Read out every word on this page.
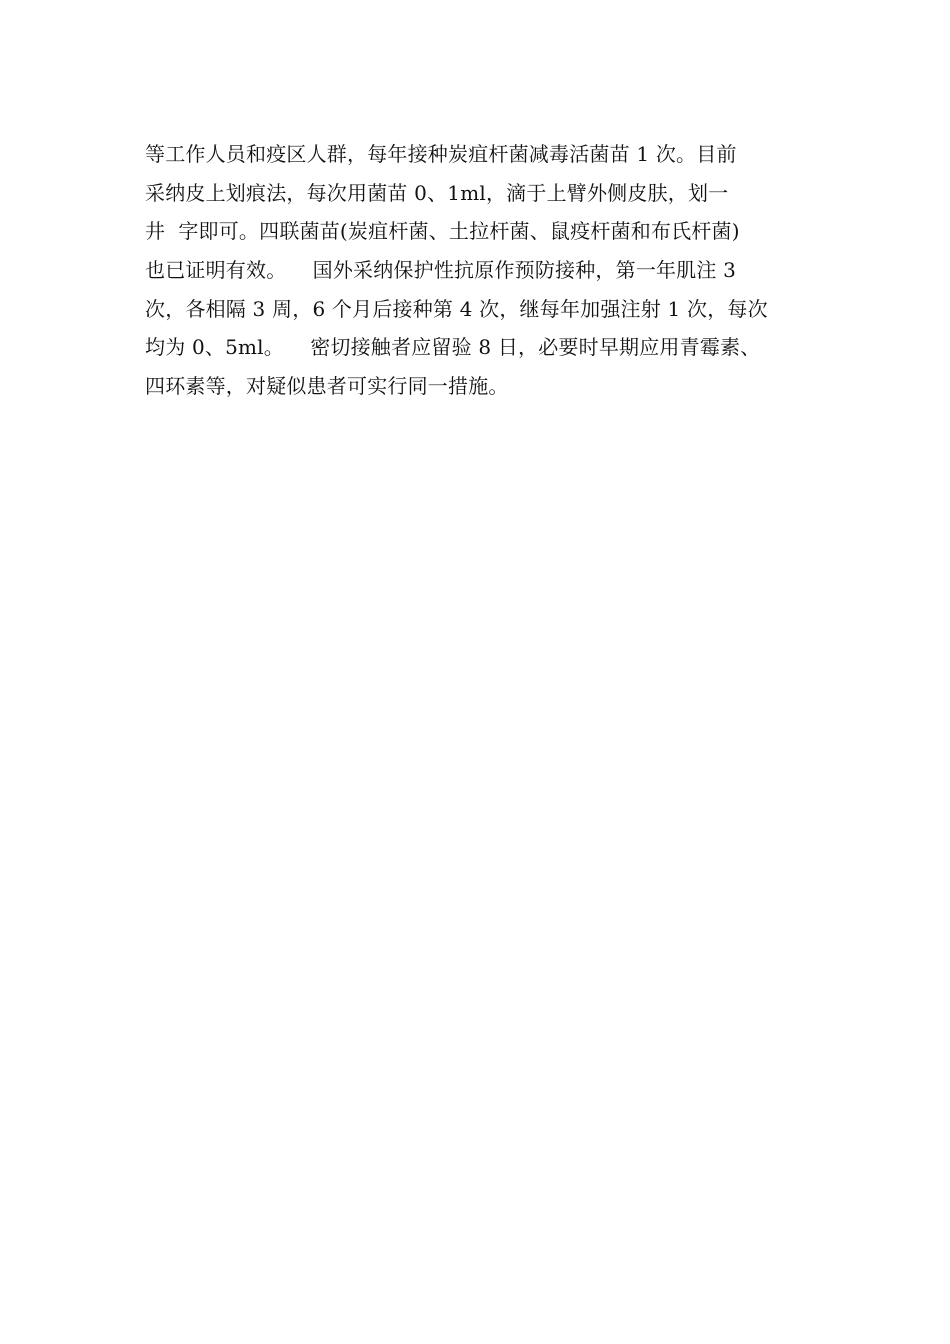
等工作人员和疫区人群，每年接种炭疽杆菌减毒活菌苗 1 次。目前
采纳皮上划痕法，每次用菌苗 0、1ml，滴于上臂外侧皮肤，划一
井  字即可。四联菌苗(炭疽杆菌、土拉杆菌、鼠疫杆菌和布氏杆菌)
也已证明有效。    国外采纳保护性抗原作预防接种，第一年肌注 3
次，各相隔 3 周，6 个月后接种第 4 次，继每年加强注射 1 次，每次
均为 0、5ml。    密切接触者应留验 8 日，必要时早期应用青霉素、
四环素等，对疑似患者可实行同一措施。
